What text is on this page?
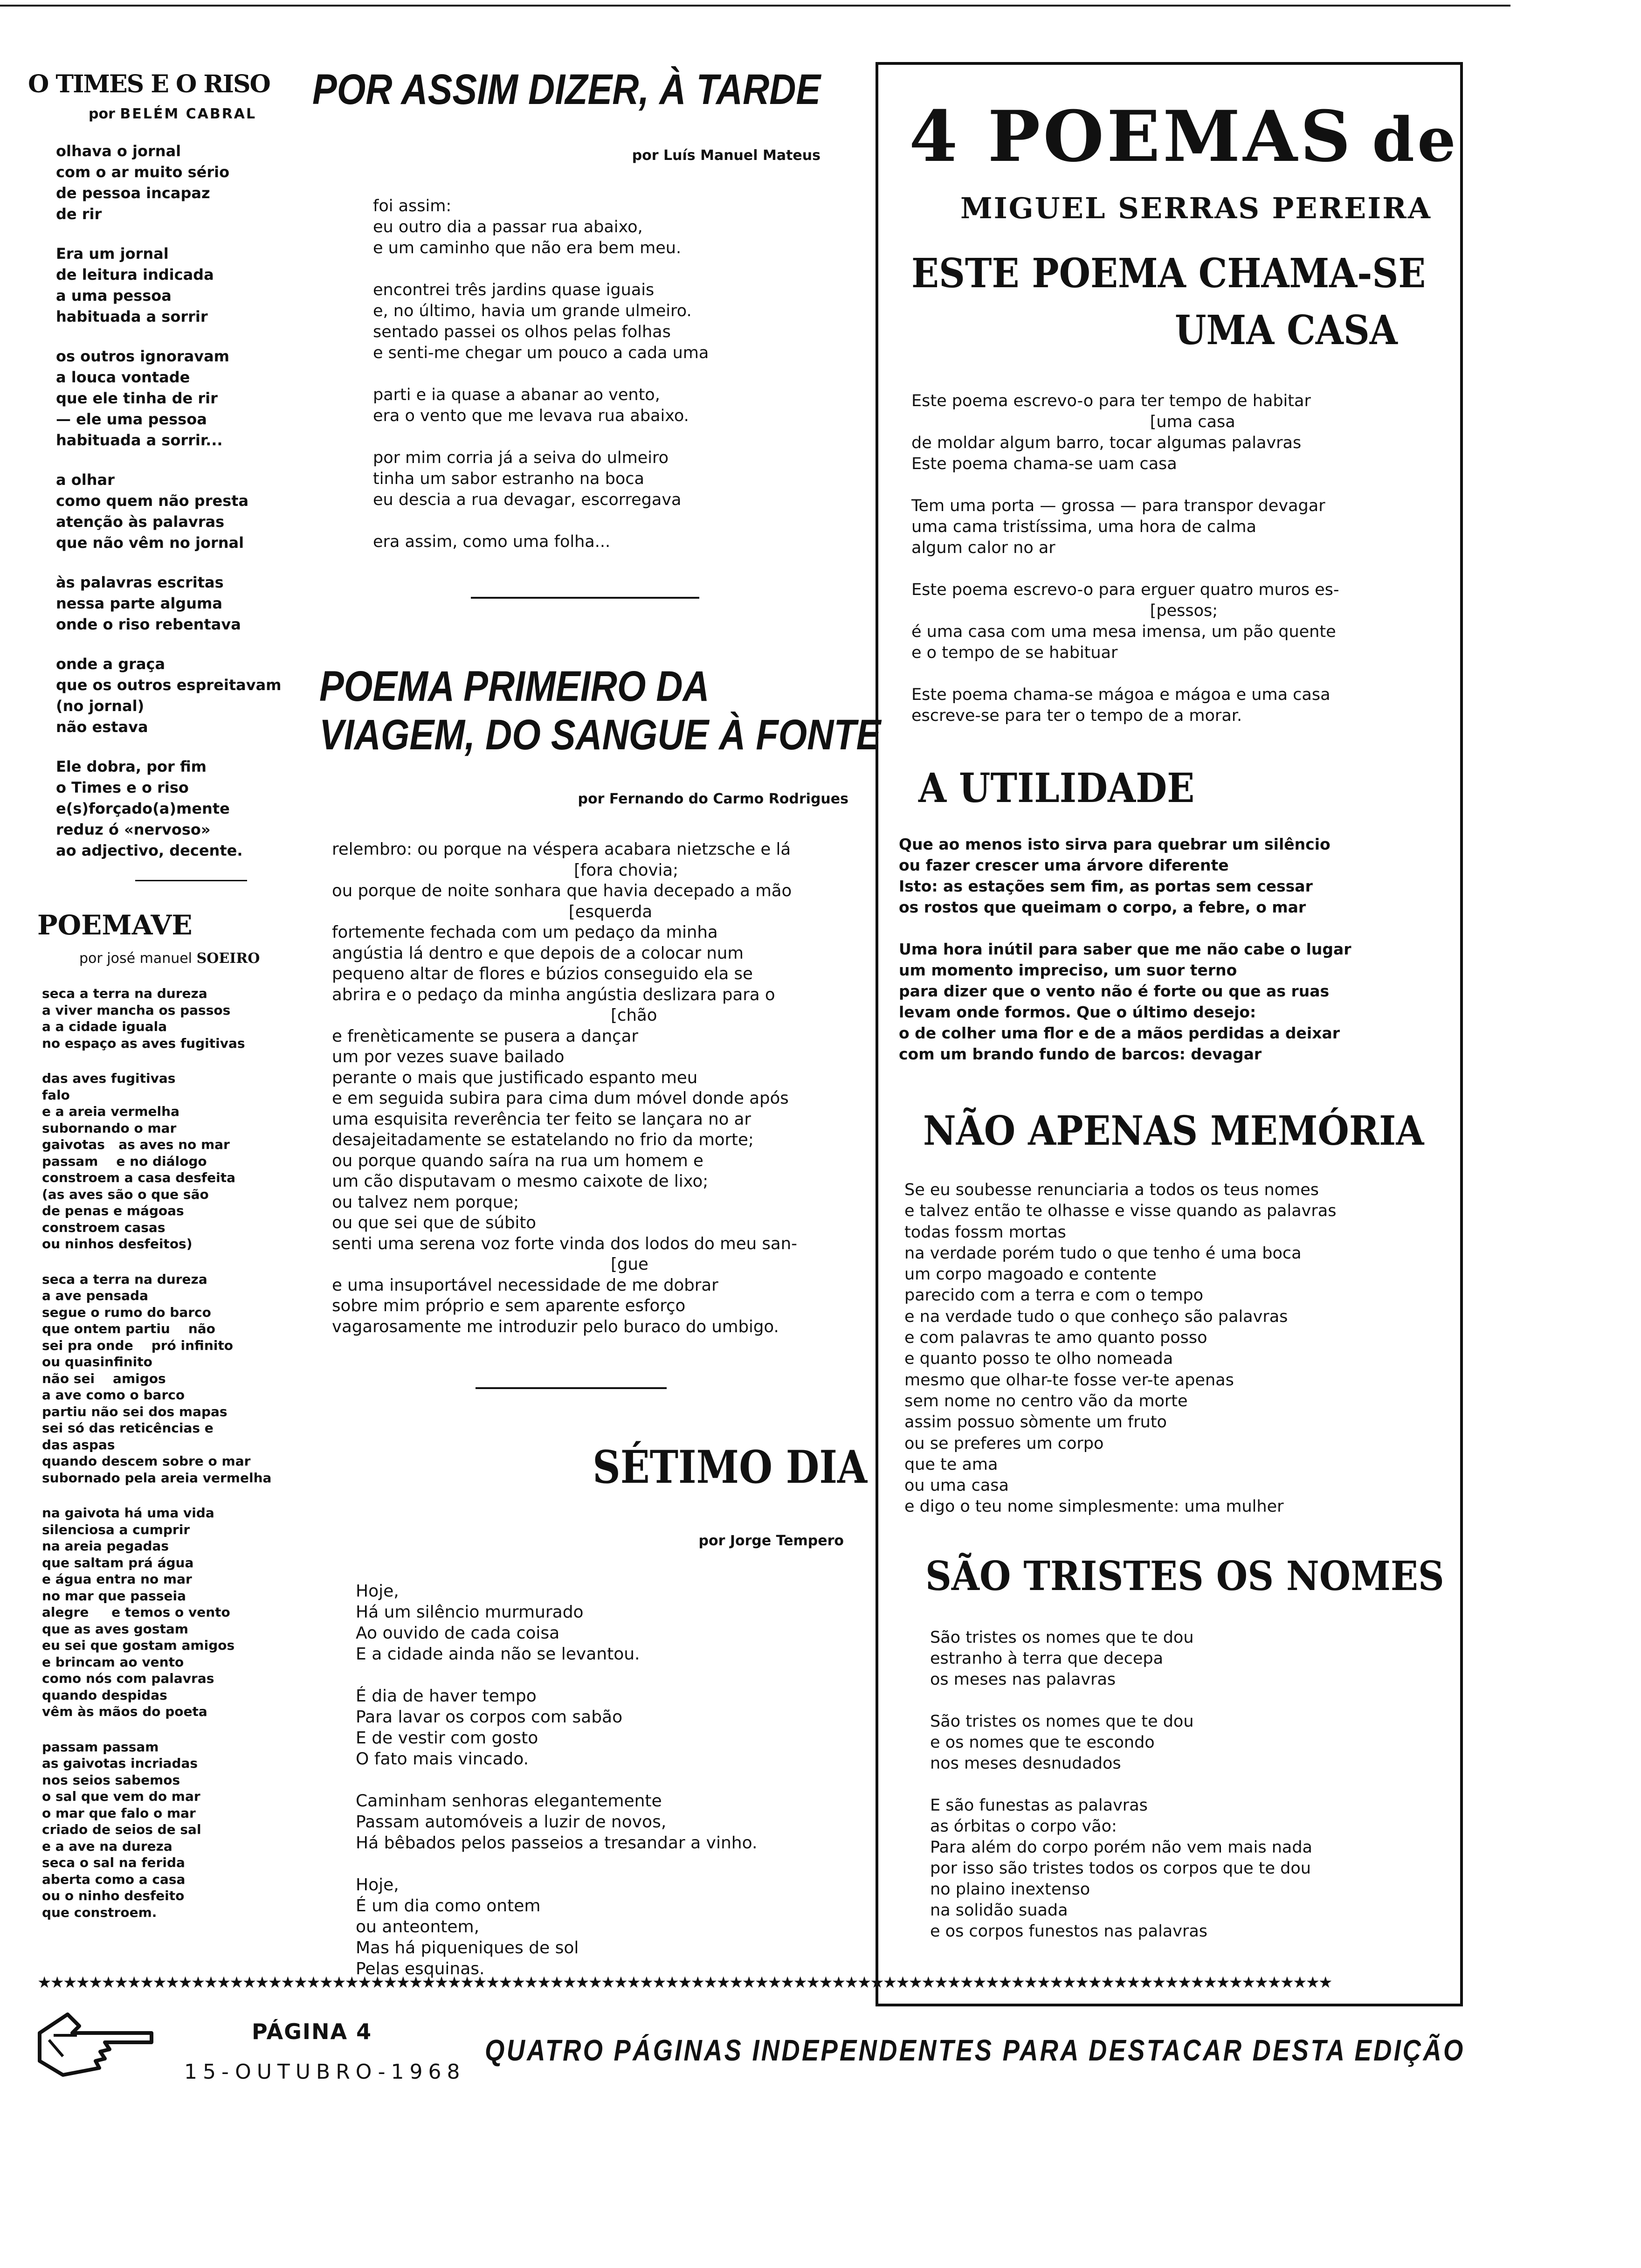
O TIMES E O RISO
por BELÉM CABRAL
olhava o jornal
com o ar muito sério
de pessoa incapaz
de rir
Era um jornal
de leitura indicada
a uma pessoa
habituada a sorrir
os outros ignoravam
a louca vontade
que ele tinha de rir
— ele uma pessoa
habituada a sorrir...
a olhar
como quem não presta
atenção às palavras
que não vêm no jornal
às palavras escritas
nessa parte alguma
onde o riso rebentava
onde a graça
que os outros espreitavam
(no jornal)
não estava
Ele dobra, por fim
o Times e o riso
e(s)forçado(a)mente
reduz ó «nervoso»
ao adjectivo, decente.
POEMAVE
por josé manuel SOEIRO
seca a terra na dureza
a viver mancha os passos
a a cidade iguala
no espaço as aves fugitivas
das aves fugitivas
falo
e a areia vermelha
subornando o mar
gaivotas   as aves no mar
passam    e no diálogo
constroem a casa desfeita
(as aves são o que são
de penas e mágoas
constroem casas
ou ninhos desfeitos)
seca a terra na dureza
a ave pensada
segue o rumo do barco
que ontem partiu    não
sei pra onde    pró infinito
ou quasinfinito
não sei    amigos
a ave como o barco
partiu não sei dos mapas
sei só das reticências e
das aspas
quando descem sobre o mar
subornado pela areia vermelha
na gaivota há uma vida
silenciosa a cumprir
na areia pegadas
que saltam prá água
e água entra no mar
no mar que passeia
alegre     e temos o vento
que as aves gostam
eu sei que gostam amigos
e brincam ao vento
como nós com palavras
quando despidas
vêm às mãos do poeta
passam passam
as gaivotas incriadas
nos seios sabemos
o sal que vem do mar
o mar que falo o mar
criado de seios de sal
e a ave na dureza
seca o sal na ferida
aberta como a casa
ou o ninho desfeito
que constroem.
POR ASSIM DIZER, À TARDE
por Luís Manuel Mateus
foi assim:
eu outro dia a passar rua abaixo,
e um caminho que não era bem meu.
encontrei três jardins quase iguais
e, no último, havia um grande ulmeiro.
sentado passei os olhos pelas folhas
e senti-me chegar um pouco a cada uma
parti e ia quase a abanar ao vento,
era o vento que me levava rua abaixo.
por mim corria já a seiva do ulmeiro
tinha um sabor estranho na boca
eu descia a rua devagar, escorregava
era assim, como uma folha...
POEMA PRIMEIRO DA
VIAGEM, DO SANGUE À FONTE
por Fernando do Carmo Rodrigues
relembro: ou porque na véspera acabara nietzsche e lá
[fora chovia;
ou porque de noite sonhara que havia decepado a mão
[esquerda
fortemente fechada com um pedaço da minha
angústia lá dentro e que depois de a colocar num
pequeno altar de flores e búzios conseguido ela se
abrira e o pedaço da minha angústia deslizara para o
[chão
e frenèticamente se pusera a dançar
um por vezes suave bailado
perante o mais que justificado espanto meu
e em seguida subira para cima dum móvel donde após
uma esquisita reverência ter feito se lançara no ar
desajeitadamente se estatelando no frio da morte;
ou porque quando saíra na rua um homem e
um cão disputavam o mesmo caixote de lixo;
ou talvez nem porque;
ou que sei que de súbito
senti uma serena voz forte vinda dos lodos do meu san-
[gue
e uma insuportável necessidade de me dobrar
sobre mim próprio e sem aparente esforço
vagarosamente me introduzir pelo buraco do umbigo.
SÉTIMO DIA
por Jorge Tempero
Hoje,
Há um silêncio murmurado
Ao ouvido de cada coisa
E a cidade ainda não se levantou.
É dia de haver tempo
Para lavar os corpos com sabão
E de vestir com gosto
O fato mais vincado.
Caminham senhoras elegantemente
Passam automóveis a luzir de novos,
Há bêbados pelos passeios a tresandar a vinho.
Hoje,
É um dia como ontem
ou anteontem,
Mas há piqueniques de sol
Pelas esquinas.
4 POEMAS de
MIGUEL SERRAS PEREIRA
ESTE POEMA CHAMA-SE
UMA CASA
Este poema escrevo-o para ter tempo de habitar
[uma casa
de moldar algum barro, tocar algumas palavras
Este poema chama-se uam casa
Tem uma porta — grossa — para transpor devagar
uma cama tristíssima, uma hora de calma
algum calor no ar
Este poema escrevo-o para erguer quatro muros es-
[pessos;
é uma casa com uma mesa imensa, um pão quente
e o tempo de se habituar
Este poema chama-se mágoa e mágoa e uma casa
escreve-se para ter o tempo de a morar.
A UTILIDADE
Que ao menos isto sirva para quebrar um silêncio
ou fazer crescer uma árvore diferente
Isto: as estações sem fim, as portas sem cessar
os rostos que queimam o corpo, a febre, o mar
Uma hora inútil para saber que me não cabe o lugar
um momento impreciso, um suor terno
para dizer que o vento não é forte ou que as ruas
levam onde formos. Que o último desejo:
o de colher uma flor e de a mãos perdidas a deixar
com um brando fundo de barcos: devagar
NÃO APENAS MEMÓRIA
Se eu soubesse renunciaria a todos os teus nomes
e talvez então te olhasse e visse quando as palavras
todas fossm mortas
na verdade porém tudo o que tenho é uma boca
um corpo magoado e contente
parecido com a terra e com o tempo
e na verdade tudo o que conheço são palavras
e com palavras te amo quanto posso
e quanto posso te olho nomeada
mesmo que olhar-te fosse ver-te apenas
sem nome no centro vão da morte
assim possuo sòmente um fruto
ou se preferes um corpo
que te ama
ou uma casa
e digo o teu nome simplesmente: uma mulher
SÃO TRISTES OS NOMES
São tristes os nomes que te dou
estranho à terra que decepa
os meses nas palavras
São tristes os nomes que te dou
e os nomes que te escondo
nos meses desnudados
E são funestas as palavras
as órbitas o corpo vão:
Para além do corpo porém não vem mais nada
por isso são tristes todos os corpos que te dou
no plaino inextenso
na solidão suada
e os corpos funestos nas palavras
★★★★★★★★★★★★★★★★★★★★★★★★★★★★★★★★★★★★★★★★★★★★★★★★★★★★★★★★★★★★★★★★★★★★★★★★★★★★★★★★★★★★★★★★★★★★★★★★★★★★★
PÁGINA 4
15-OUTUBRO-1968
QUATRO PÁGINAS INDEPENDENTES PARA DESTACAR DESTA EDIÇÃO
